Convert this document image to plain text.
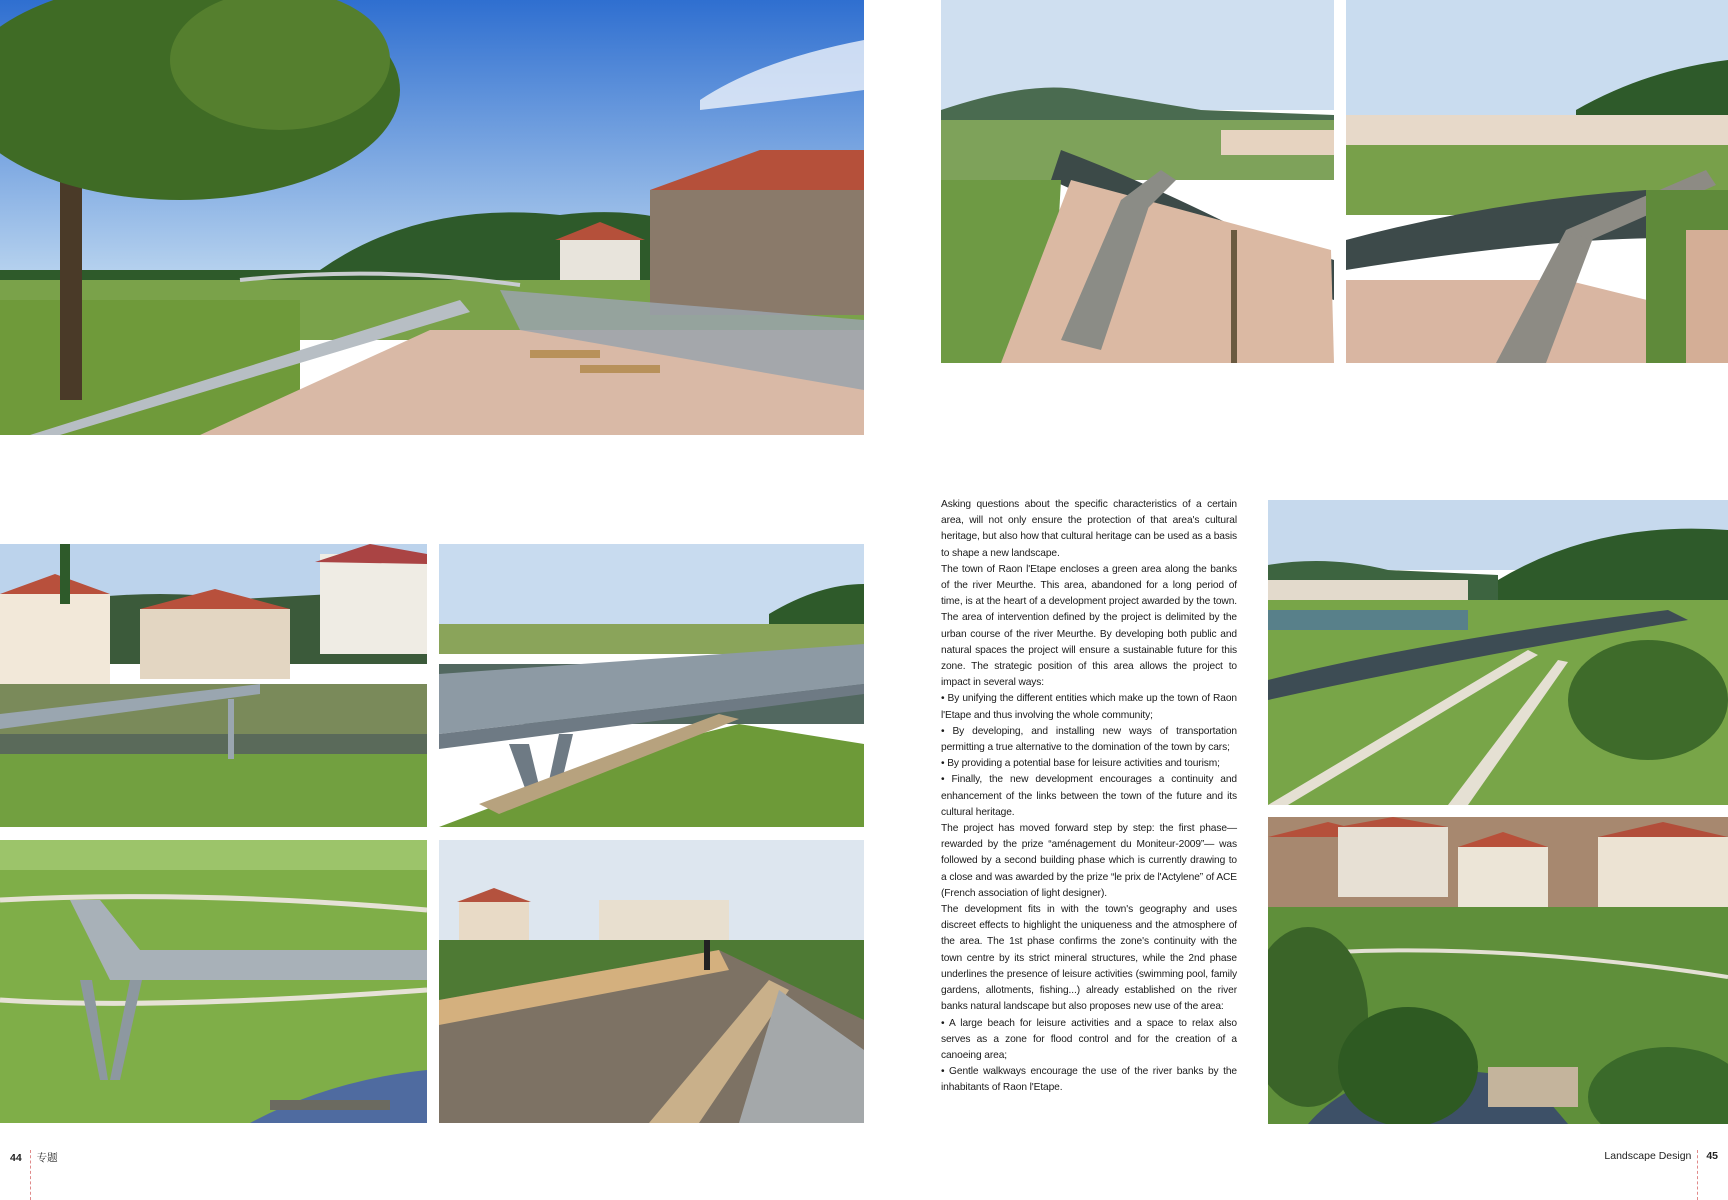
Asking questions about the specific characteristics of a certain area, will not only ensure the protection of that area's cultural heritage, but also how that cultural heritage can be used as a basis to shape a new landscape.

The town of Raon l'Etape encloses a green area along the banks of the river Meurthe. This area, abandoned for a long period of time, is at the heart of a development project awarded by the town. The area of intervention defined by the project is delimited by the urban course of the river Meurthe. By developing both public and natural spaces the project will ensure a sustainable future for this zone. The strategic position of this area allows the project to impact in several ways:

• By unifying the different entities which make up the town of Raon l'Etape and thus involving the whole community;

• By developing, and installing new ways of transportation permitting a true alternative to the domination of the town by cars;

• By providing a potential base for leisure activities and tourism;

• Finally, the new development encourages a continuity and enhancement of the links between the town of the future and its cultural heritage.

The project has moved forward step by step: the first phase— rewarded by the prize “aménagement du Moniteur-2009”— was followed by a second building phase which is currently drawing to a close and was awarded by the prize “le prix de l'Actylene” of ACE (French association of light designer).

The development fits in with the town's geography and uses discreet effects to highlight the uniqueness and the atmosphere of the area. The 1st phase confirms the zone's continuity with the town centre by its strict mineral structures, while the 2nd phase underlines the presence of leisure activities (swimming pool, family gardens, allotments, fishing...) already established on the river banks natural landscape but also proposes new use of the area:

• A large beach for leisure activities and a space to relax also serves as a zone for flood control and for the creation of a canoeing area;

• Gentle walkways encourage the use of the river banks by the inhabitants of Raon l'Etape.

44 专题	Landscape Design 45
